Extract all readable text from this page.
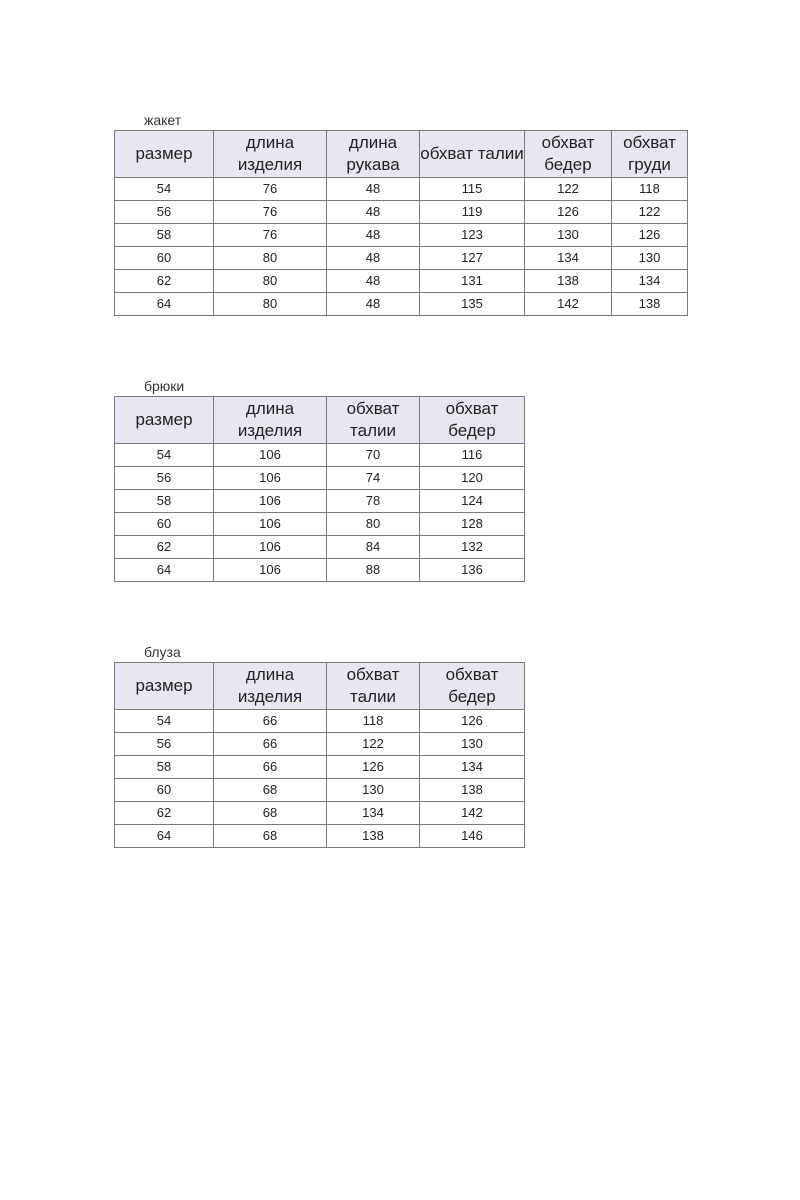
жакет
размер	длина изделия	длина рукава	обхват талии	обхват бедер	обхват груди
54	76	48	115	122	118
56	76	48	119	126	122
58	76	48	123	130	126
60	80	48	127	134	130
62	80	48	131	138	134
64	80	48	135	142	138
брюки
размер	длина изделия	обхват талии	обхват бедер
54	106	70	116
56	106	74	120
58	106	78	124
60	106	80	128
62	106	84	132
64	106	88	136
блуза
размер	длина изделия	обхват талии	обхват бедер
54	66	118	126
56	66	122	130
58	66	126	134
60	68	130	138
62	68	134	142
64	68	138	146
